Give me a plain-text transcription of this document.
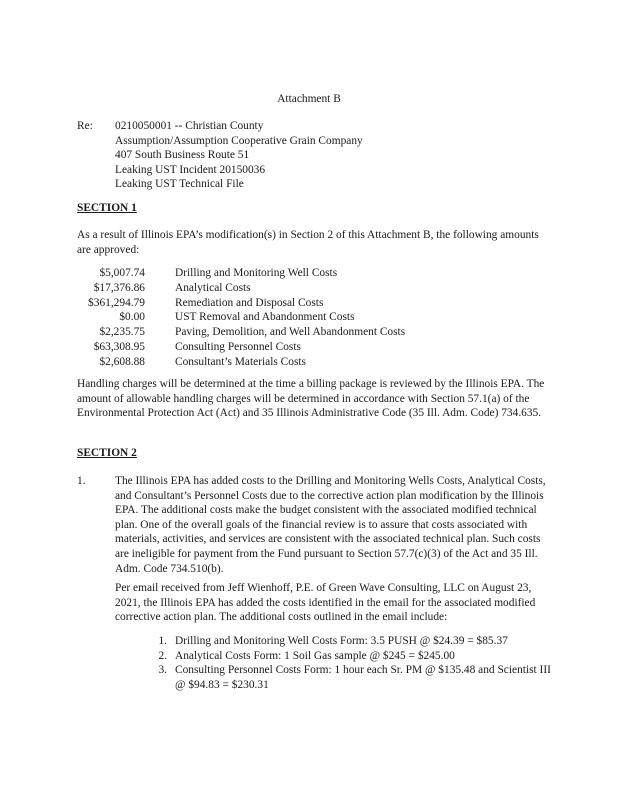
Attachment B
Re: 0210050001 -- Christian County
Assumption/Assumption Cooperative Grain Company
407 South Business Route 51
Leaking UST Incident 20150036
Leaking UST Technical File
SECTION 1
As a result of Illinois EPA’s modification(s) in Section 2 of this Attachment B, the following amounts are approved:
$5,007.74	Drilling and Monitoring Well Costs
$17,376.86	Analytical Costs
$361,294.79	Remediation and Disposal Costs
$0.00	UST Removal and Abandonment Costs
$2,235.75	Paving, Demolition, and Well Abandonment Costs
$63,308.95	Consulting Personnel Costs
$2,608.88	Consultant’s Materials Costs
Handling charges will be determined at the time a billing package is reviewed by the Illinois EPA. The amount of allowable handling charges will be determined in accordance with Section 57.1(a) of the Environmental Protection Act (Act) and 35 Illinois Administrative Code (35 Ill. Adm. Code) 734.635.
SECTION 2
1.	The Illinois EPA has added costs to the Drilling and Monitoring Wells Costs, Analytical Costs, and Consultant’s Personnel Costs due to the corrective action plan modification by the Illinois EPA. The additional costs make the budget consistent with the associated modified technical plan. One of the overall goals of the financial review is to assure that costs associated with materials, activities, and services are consistent with the associated technical plan. Such costs are ineligible for payment from the Fund pursuant to Section 57.7(c)(3) of the Act and 35 Ill. Adm. Code 734.510(b).
Per email received from Jeff Wienhoff, P.E. of Green Wave Consulting, LLC on August 23, 2021, the Illinois EPA has added the costs identified in the email for the associated modified corrective action plan. The additional costs outlined in the email include:
1. Drilling and Monitoring Well Costs Form: 3.5 PUSH @ $24.39 = $85.37
2. Analytical Costs Form: 1 Soil Gas sample @ $245 = $245.00
3. Consulting Personnel Costs Form: 1 hour each Sr. PM @ $135.48 and Scientist III @ $94.83 = $230.31
